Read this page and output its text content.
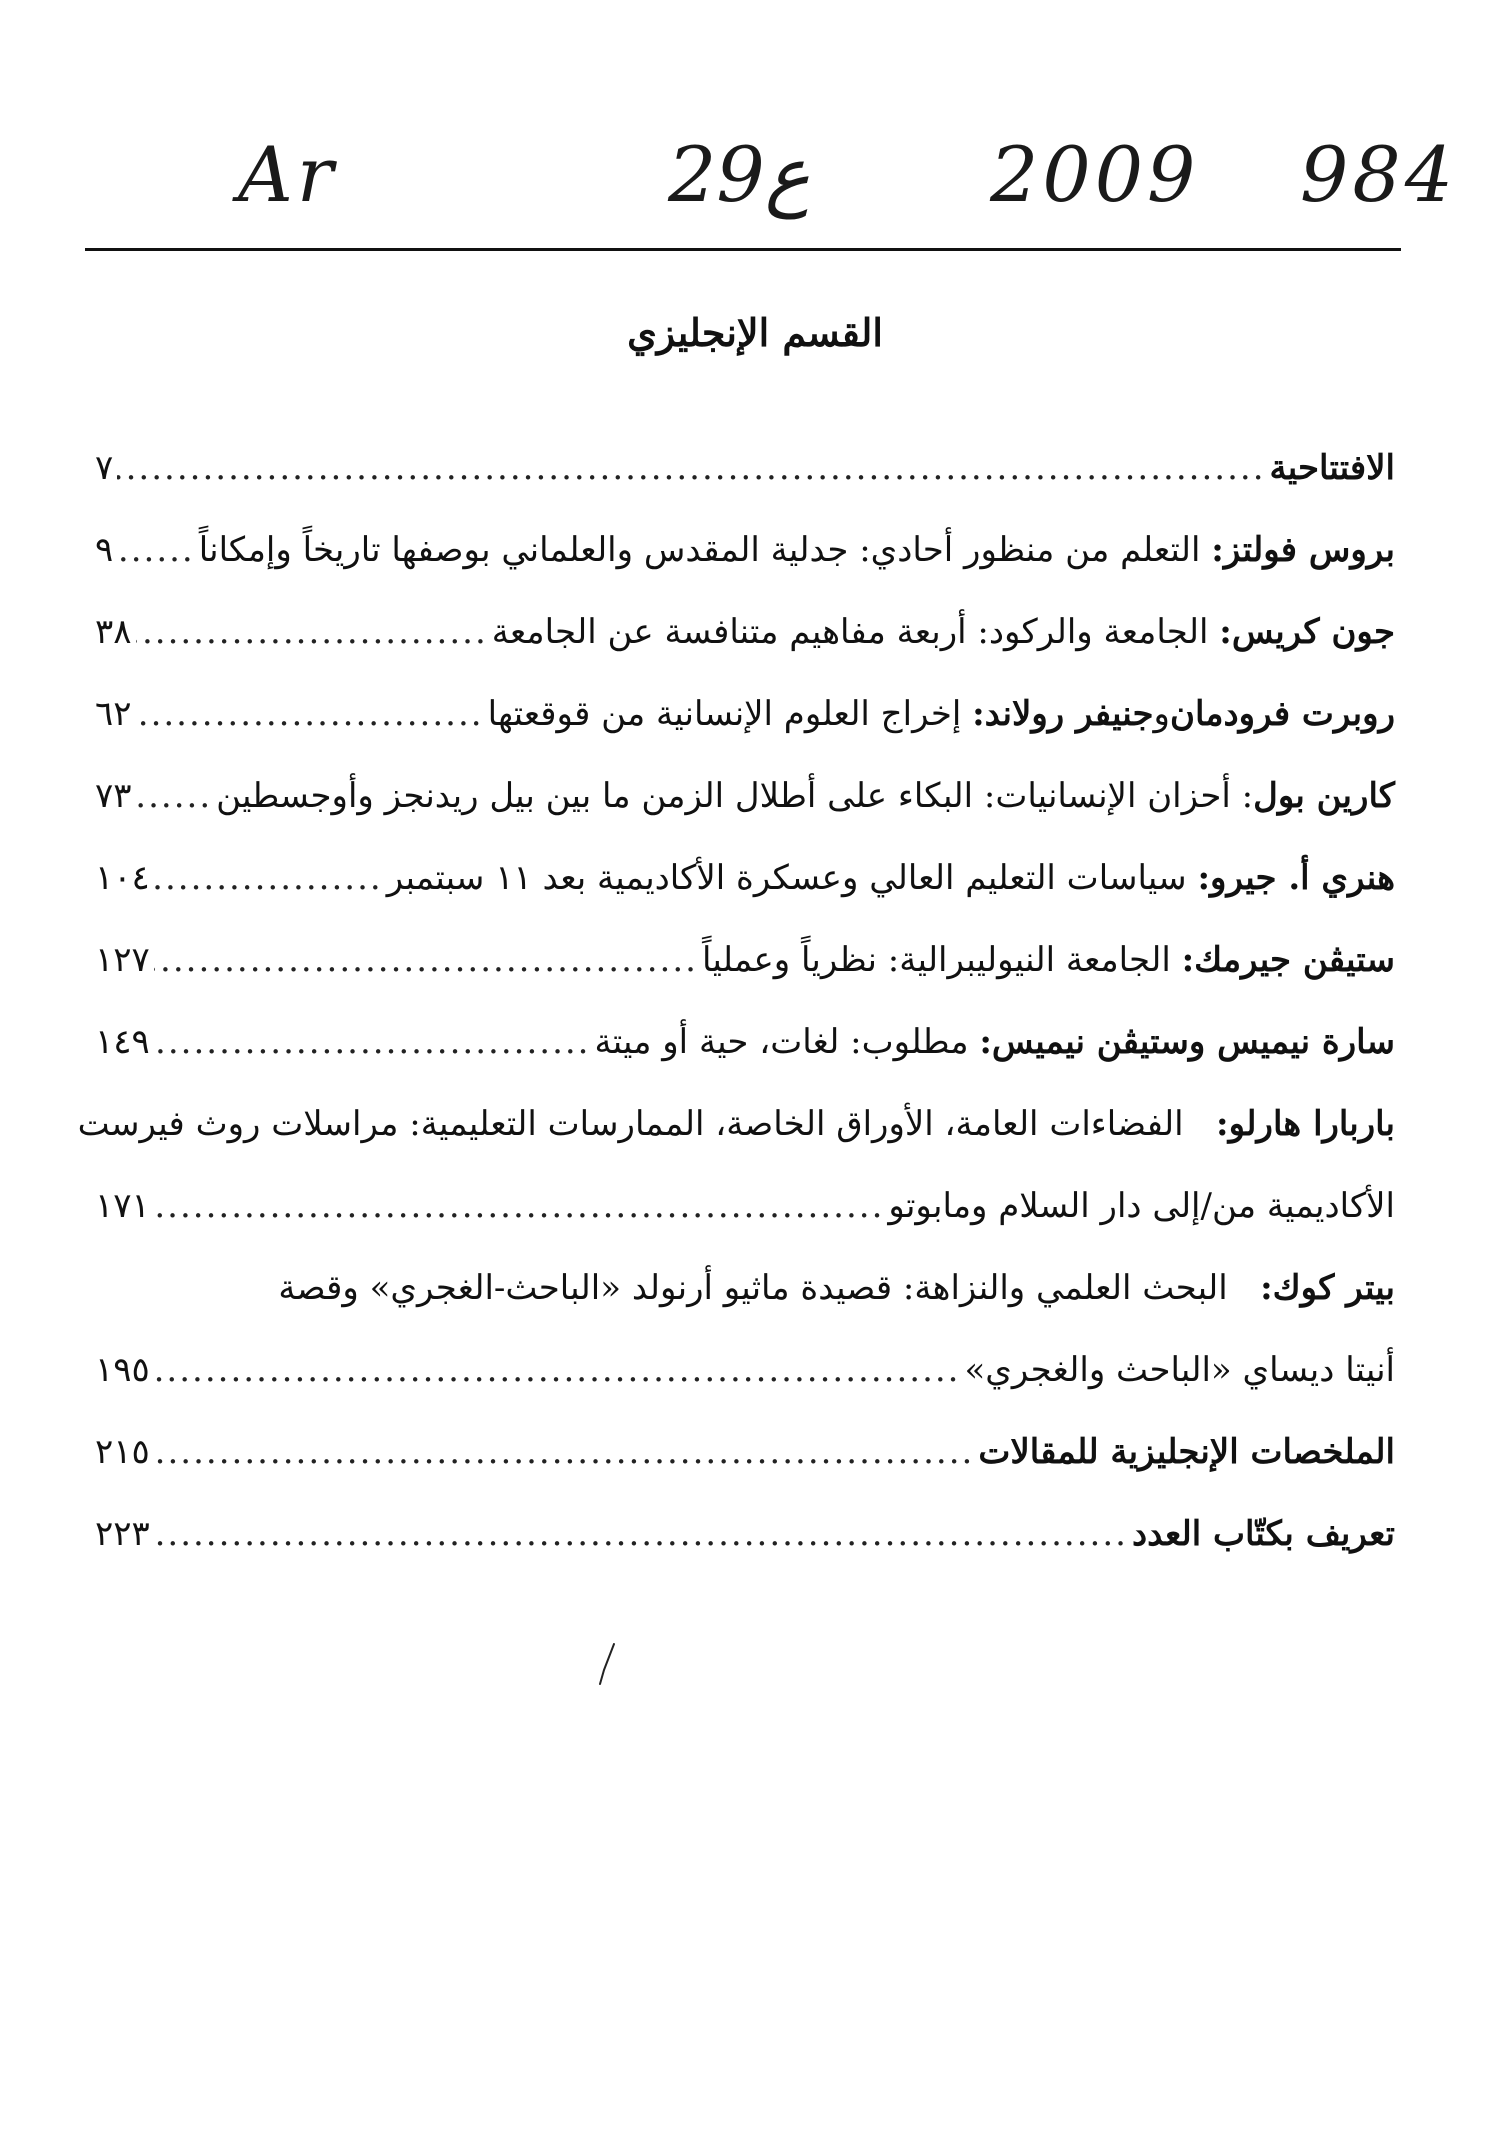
Ar	29ع 2009 984
القسم الإنجليزي
الافتتاحية
.....
٧
بروس فولتز:

التعلم من منظور أحادي: جدلية المقدس والعلماني بوصفها تاريخاً وإمكاناً
.....
٩
جون كريس:

الجامعة والركود: أربعة مفاهيم متنافسة عن الجامعة
.....
٣٨
روبرت فرودمان
و
جنيفر رولاند:

إخراج العلوم الإنسانية من قوقعتها
.....
٦٢
كارين بول
: أحزان الإنسانيات: البكاء على أطلال الزمن ما بين بيل ريدنجز وأوجسطين
.....
٧٣
هنري أ. جيرو:

سياسات التعليم العالي وعسكرة الأكاديمية بعد ١١ سبتمبر
.....
١٠٤
ستيڤن جيرمك:

الجامعة النيوليبرالية: نظرياً وعملياً
.....
١٢٧
سارة نيميس وستيڤن نيميس:

مطلوب: لغات، حية أو ميتة
.....
١٤٩
باربارا هارلو:   الفضاءات العامة، الأوراق الخاصة، الممارسات التعليمية: مراسلات روث فيرست
الأكاديمية من/إلى دار السلام ومابوتو
.....
١٧١
بيتر كوك:   البحث العلمي والنزاهة: قصيدة ماثيو أرنولد «الباحث-الغجري» وقصة
أنيتا ديساي «الباحث والغجري»
.....
١٩٥
الملخصات الإنجليزية للمقالات
.....
٢١٥
تعريف بكتّاب العدد
.....
٢٢٣
